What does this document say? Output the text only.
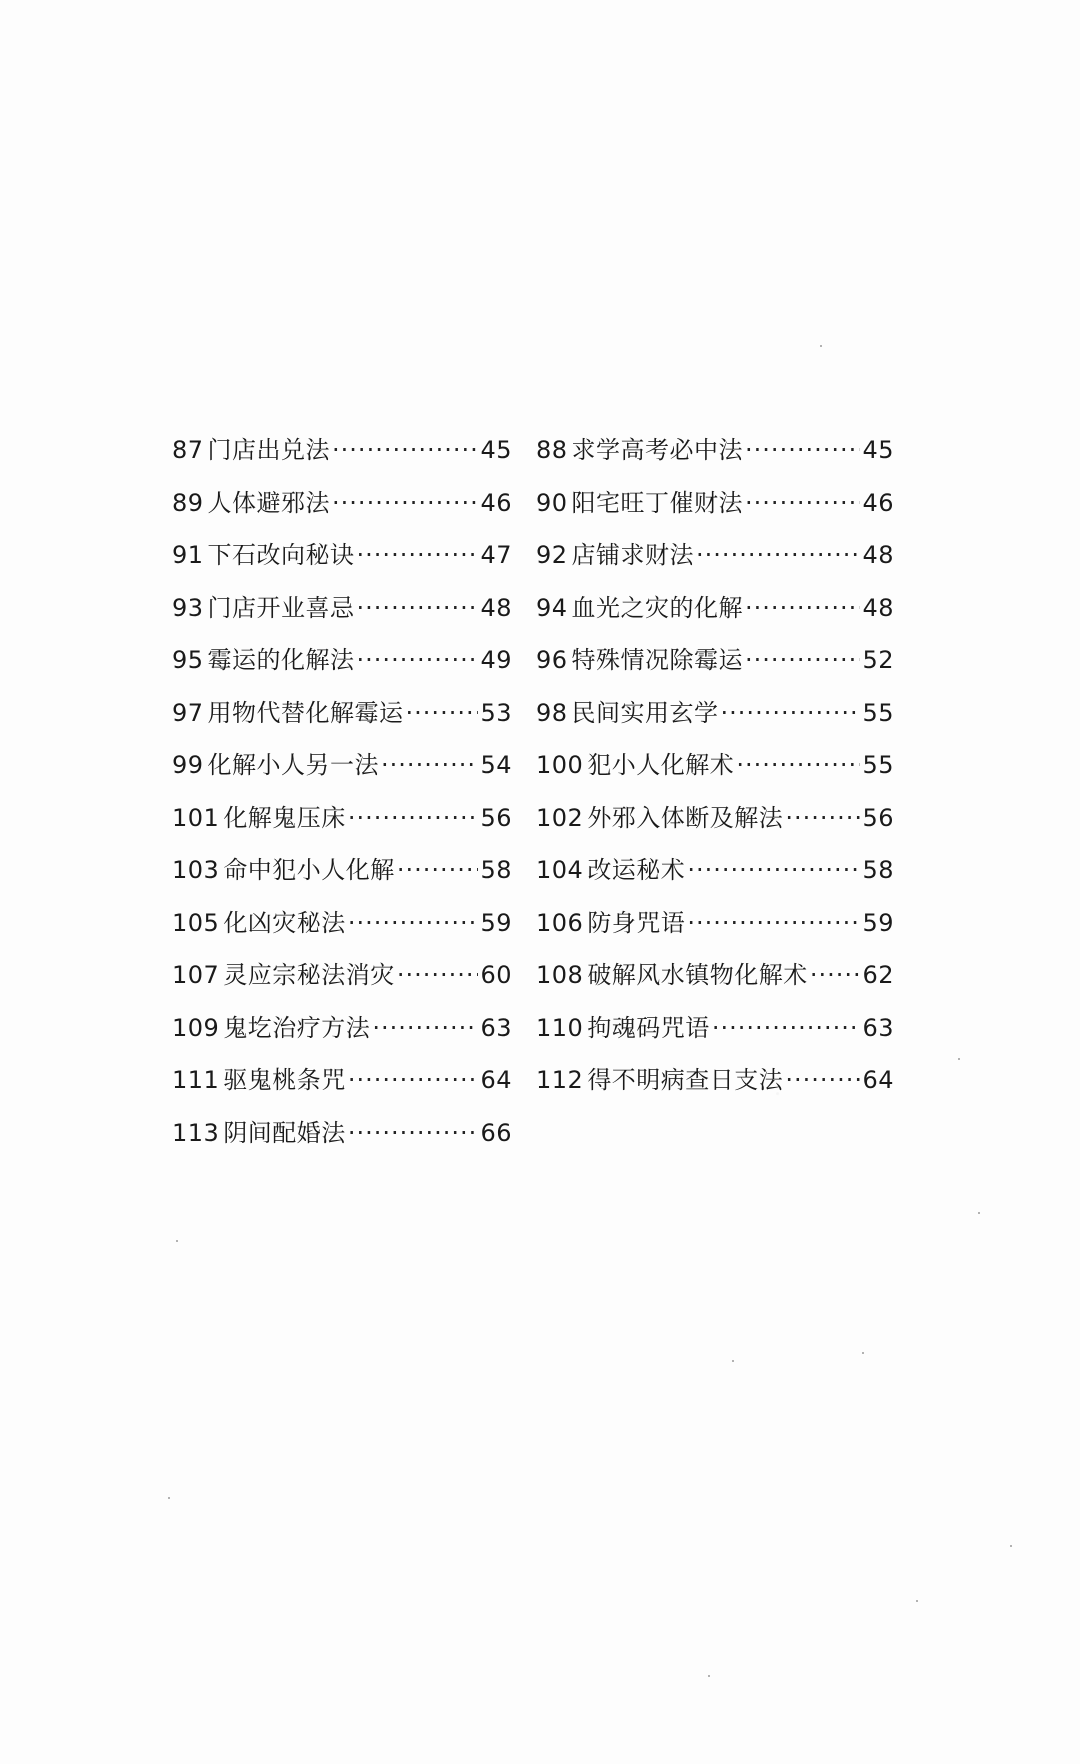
87 门店出兑法 ·····	45
89 人体避邪法 ·····	46
91 下石改向秘诀 ·····	47
93 门店开业喜忌 ·····	48
95 霉运的化解法 ·····	49
97 用物代替化解霉运 ·····	53
99 化解小人另一法 ·····	54
101 化解鬼压床 ·····	56
103 命中犯小人化解 ·····	58
105 化凶灾秘法 ·····	59
107 灵应宗秘法消灾 ·····	60
109 鬼圪治疗方法 ·····	63
111 驱鬼桃条咒 ·····	64
113 阴间配婚法 ·····	66
88 求学高考必中法 ·····	45
90 阳宅旺丁催财法 ·····	46
92 店铺求财法 ·····	48
94 血光之灾的化解 ·····	48
96 特殊情况除霉运 ·····	52
98 民间实用玄学 ·····	55
100 犯小人化解术 ·····	55
102 外邪入体断及解法 ·····	56
104 改运秘术 ·····	58
106 防身咒语 ·····	59
108 破解风水镇物化解术 ····· 62
110 拘魂码咒语 ·····	63
112 得不明病查日支法 ·····	64
